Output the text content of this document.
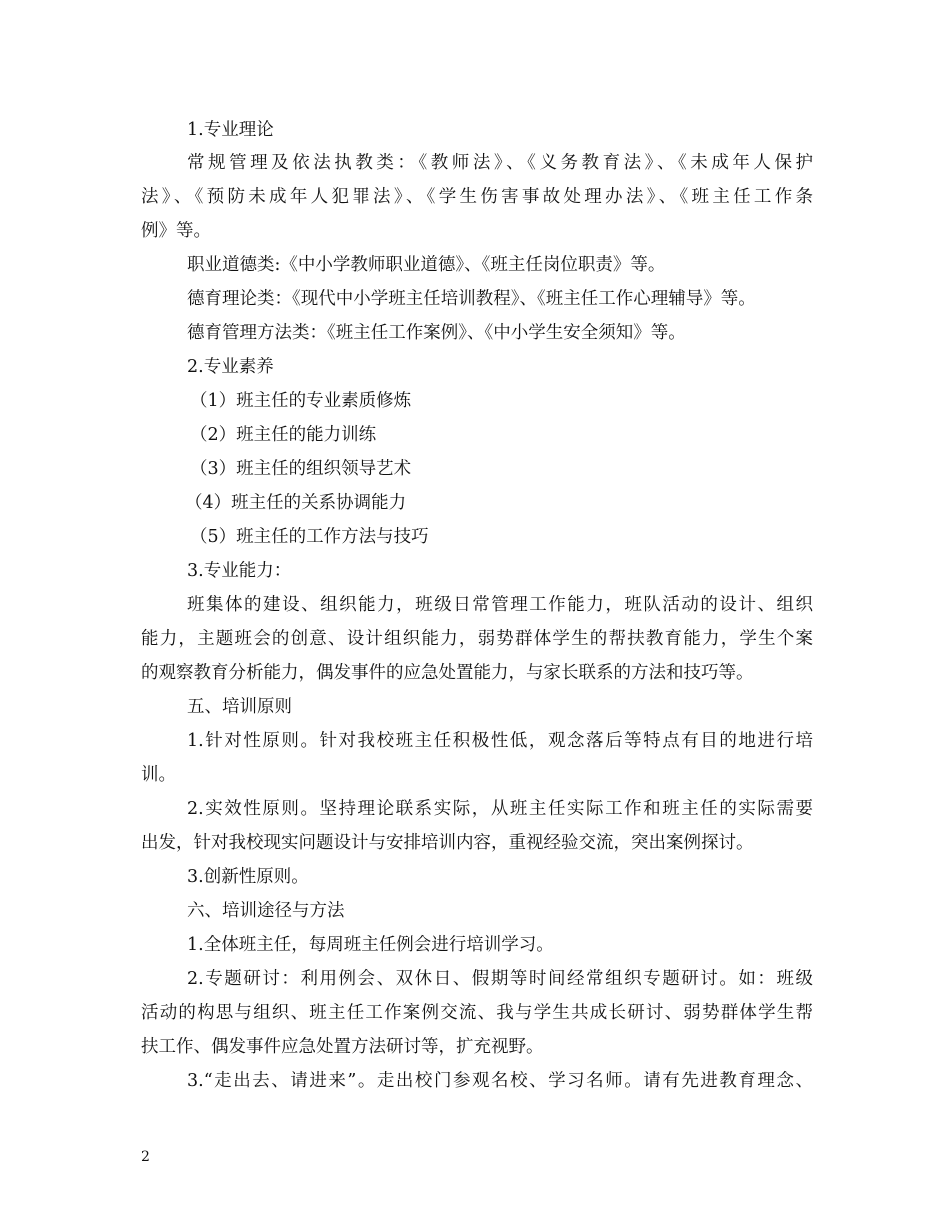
1.专业理论
常规管理及依法执教类：《教师法》、《义务教育法》、《未成年人保护
法》、《预防未成年人犯罪法》、《学生伤害事故处理办法》、《班主任工作条
例》等。
职业道德类:《中小学教师职业道德》、《班主任岗位职责》等。
德育理论类：《现代中小学班主任培训教程》、《班主任工作心理辅导》等。
德育管理方法类：《班主任工作案例》、《中小学生安全须知》等。
2.专业素养
（1）班主任的专业素质修炼
（2）班主任的能力训练
（3）班主任的组织领导艺术
（4）班主任的关系协调能力
（5）班主任的工作方法与技巧
3.专业能力：
班集体的建设、组织能力，班级日常管理工作能力，班队活动的设计、组织
能力，主题班会的创意、设计组织能力，弱势群体学生的帮扶教育能力，学生个案
的观察教育分析能力，偶发事件的应急处置能力，与家长联系的方法和技巧等。
五、培训原则
1.针对性原则。针对我校班主任积极性低，观念落后等特点有目的地进行培
训。
2.实效性原则。坚持理论联系实际，从班主任实际工作和班主任的实际需要
出发，针对我校现实问题设计与安排培训内容，重视经验交流，突出案例探讨。
3.创新性原则。
六、培训途径与方法
1.全体班主任，每周班主任例会进行培训学习。
2.专题研讨：利用例会、双休日、假期等时间经常组织专题研讨。如：班级
活动的构思与组织、班主任工作案例交流、我与学生共成长研讨、弱势群体学生帮
扶工作、偶发事件应急处置方法研讨等，扩充视野。
3.“走出去、请进来”。走出校门参观名校、学习名师。请有先进教育理念、
2
